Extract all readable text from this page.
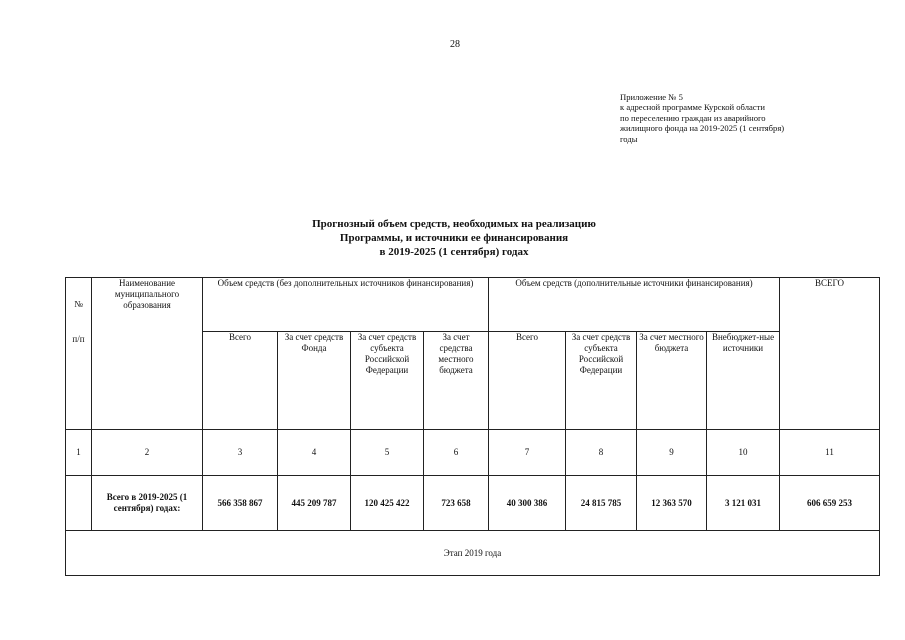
28
Приложение № 5
к адресной программе Курской области
по переселению граждан из аварийного
жилищного фонда на 2019-2025 (1 сентября)
годы
Прогнозный объем средств, необходимых на реализацию
Программы, и источники ее финансирования
в 2019-2025 (1 сентября) годах
№
п/п	Наименование муниципального образования	Объем средств (без дополнительных источников финансирования)				Объем средств (дополнительные источники финансирования)				ВСЕГО
		Всего	За счет средств Фонда	За счет средств субъекта Российской Федерации	За счет средства местного бюджета	Всего	За счет средств субъекта Российской Федерации	За счет местного бюджета	Внебюджет-ные источники	
1	2	3	4	5	6	7	8	9	10	11
	Всего в 2019-2025 (1 сентября) годах:	566 358 867	445 209 787	120 425 422	723 658	40 300 386	24 815 785	12 363 570	3 121 031	606 659 253
Этап 2019 года										
